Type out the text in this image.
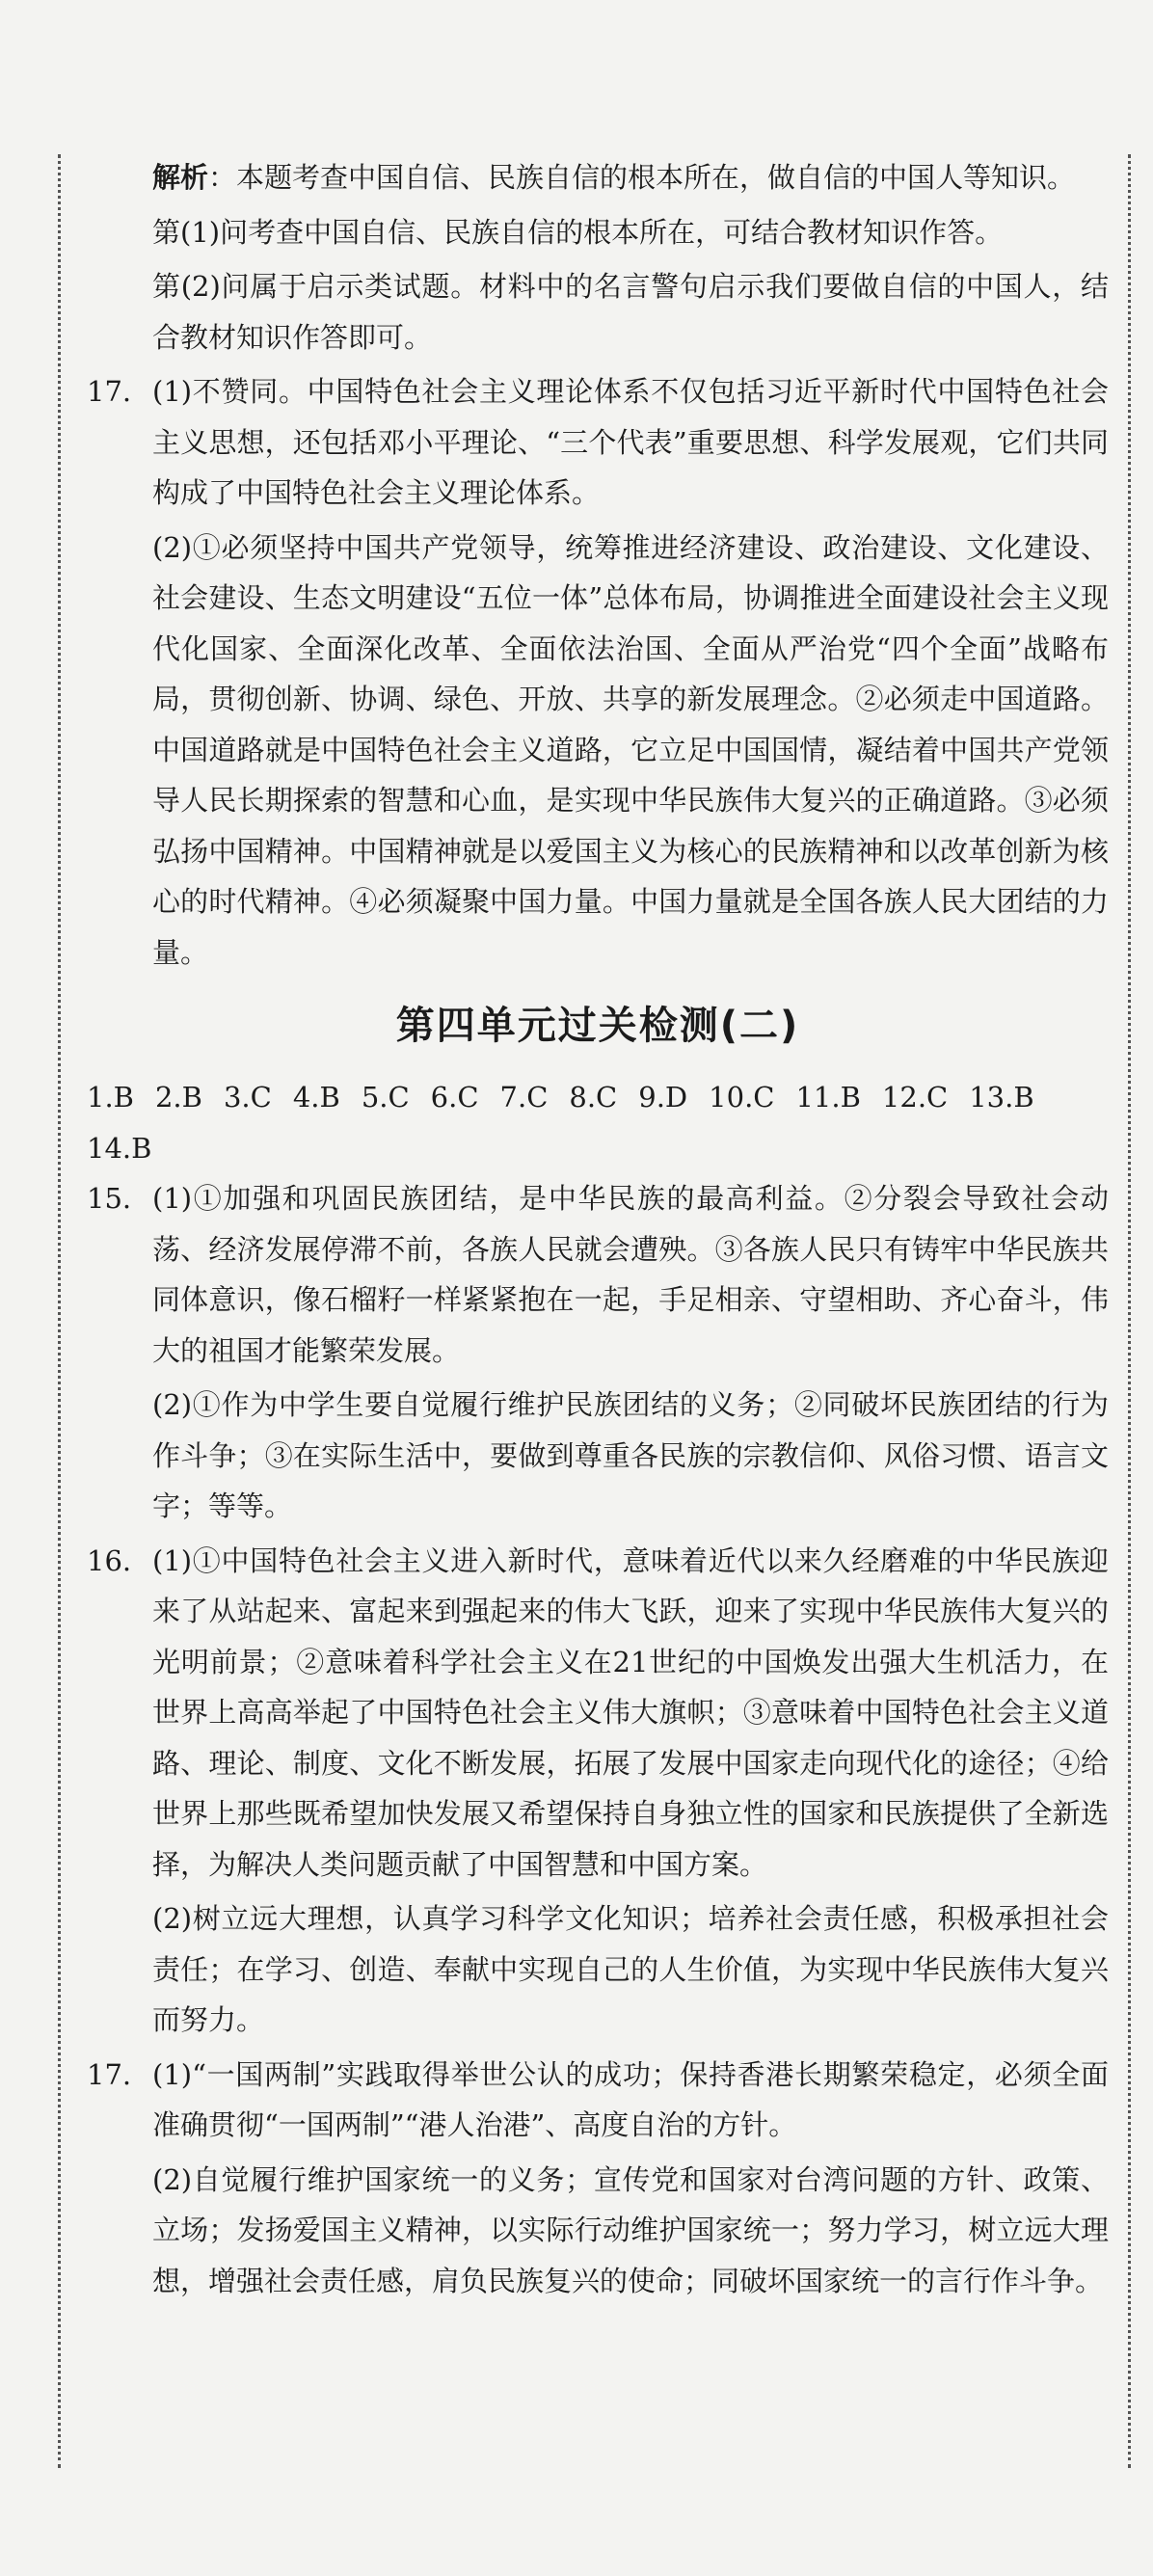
解析：本题考查中国自信、民族自信的根本所在，做自信的中国人等知识。
第(1)问考查中国自信、民族自信的根本所在，可结合教材知识作答。
第(2)问属于启示类试题。材料中的名言警句启示我们要做自信的中国人，结合教材知识作答即可。
17. (1)不赞同。中国特色社会主义理论体系不仅包括习近平新时代中国特色社会主义思想，还包括邓小平理论、“三个代表”重要思想、科学发展观，它们共同构成了中国特色社会主义理论体系。
(2)①必须坚持中国共产党领导，统筹推进经济建设、政治建设、文化建设、社会建设、生态文明建设“五位一体”总体布局，协调推进全面建设社会主义现代化国家、全面深化改革、全面依法治国、全面从严治党“四个全面”战略布局，贯彻创新、协调、绿色、开放、共享的新发展理念。②必须走中国道路。中国道路就是中国特色社会主义道路，它立足中国国情，凝结着中国共产党领导人民长期探索的智慧和心血，是实现中华民族伟大复兴的正确道路。③必须弘扬中国精神。中国精神就是以爱国主义为核心的民族精神和以改革创新为核心的时代精神。④必须凝聚中国力量。中国力量就是全国各族人民大团结的力量。
第四单元过关检测(二)
1.B 2.B 3.C 4.B 5.C 6.C 7.C 8.C 9.D 10.C 11.B 12.C 13.B
14.B
15. (1)①加强和巩固民族团结，是中华民族的最高利益。②分裂会导致社会动荡、经济发展停滞不前，各族人民就会遭殃。③各族人民只有铸牢中华民族共同体意识，像石榴籽一样紧紧抱在一起，手足相亲、守望相助、齐心奋斗，伟大的祖国才能繁荣发展。
(2)①作为中学生要自觉履行维护民族团结的义务；②同破坏民族团结的行为作斗争；③在实际生活中，要做到尊重各民族的宗教信仰、风俗习惯、语言文字；等等。
16. (1)①中国特色社会主义进入新时代，意味着近代以来久经磨难的中华民族迎来了从站起来、富起来到强起来的伟大飞跃，迎来了实现中华民族伟大复兴的光明前景；②意味着科学社会主义在21世纪的中国焕发出强大生机活力，在世界上高高举起了中国特色社会主义伟大旗帜；③意味着中国特色社会主义道路、理论、制度、文化不断发展，拓展了发展中国家走向现代化的途径；④给世界上那些既希望加快发展又希望保持自身独立性的国家和民族提供了全新选择，为解决人类问题贡献了中国智慧和中国方案。
(2)树立远大理想，认真学习科学文化知识；培养社会责任感，积极承担社会责任；在学习、创造、奉献中实现自己的人生价值，为实现中华民族伟大复兴而努力。
17. (1)“一国两制”实践取得举世公认的成功；保持香港长期繁荣稳定，必须全面准确贯彻“一国两制”“港人治港”、高度自治的方针。
(2)自觉履行维护国家统一的义务；宣传党和国家对台湾问题的方针、政策、立场；发扬爱国主义精神，以实际行动维护国家统一；努力学习，树立远大理想，增强社会责任感，肩负民族复兴的使命；同破坏国家统一的言行作斗争。
